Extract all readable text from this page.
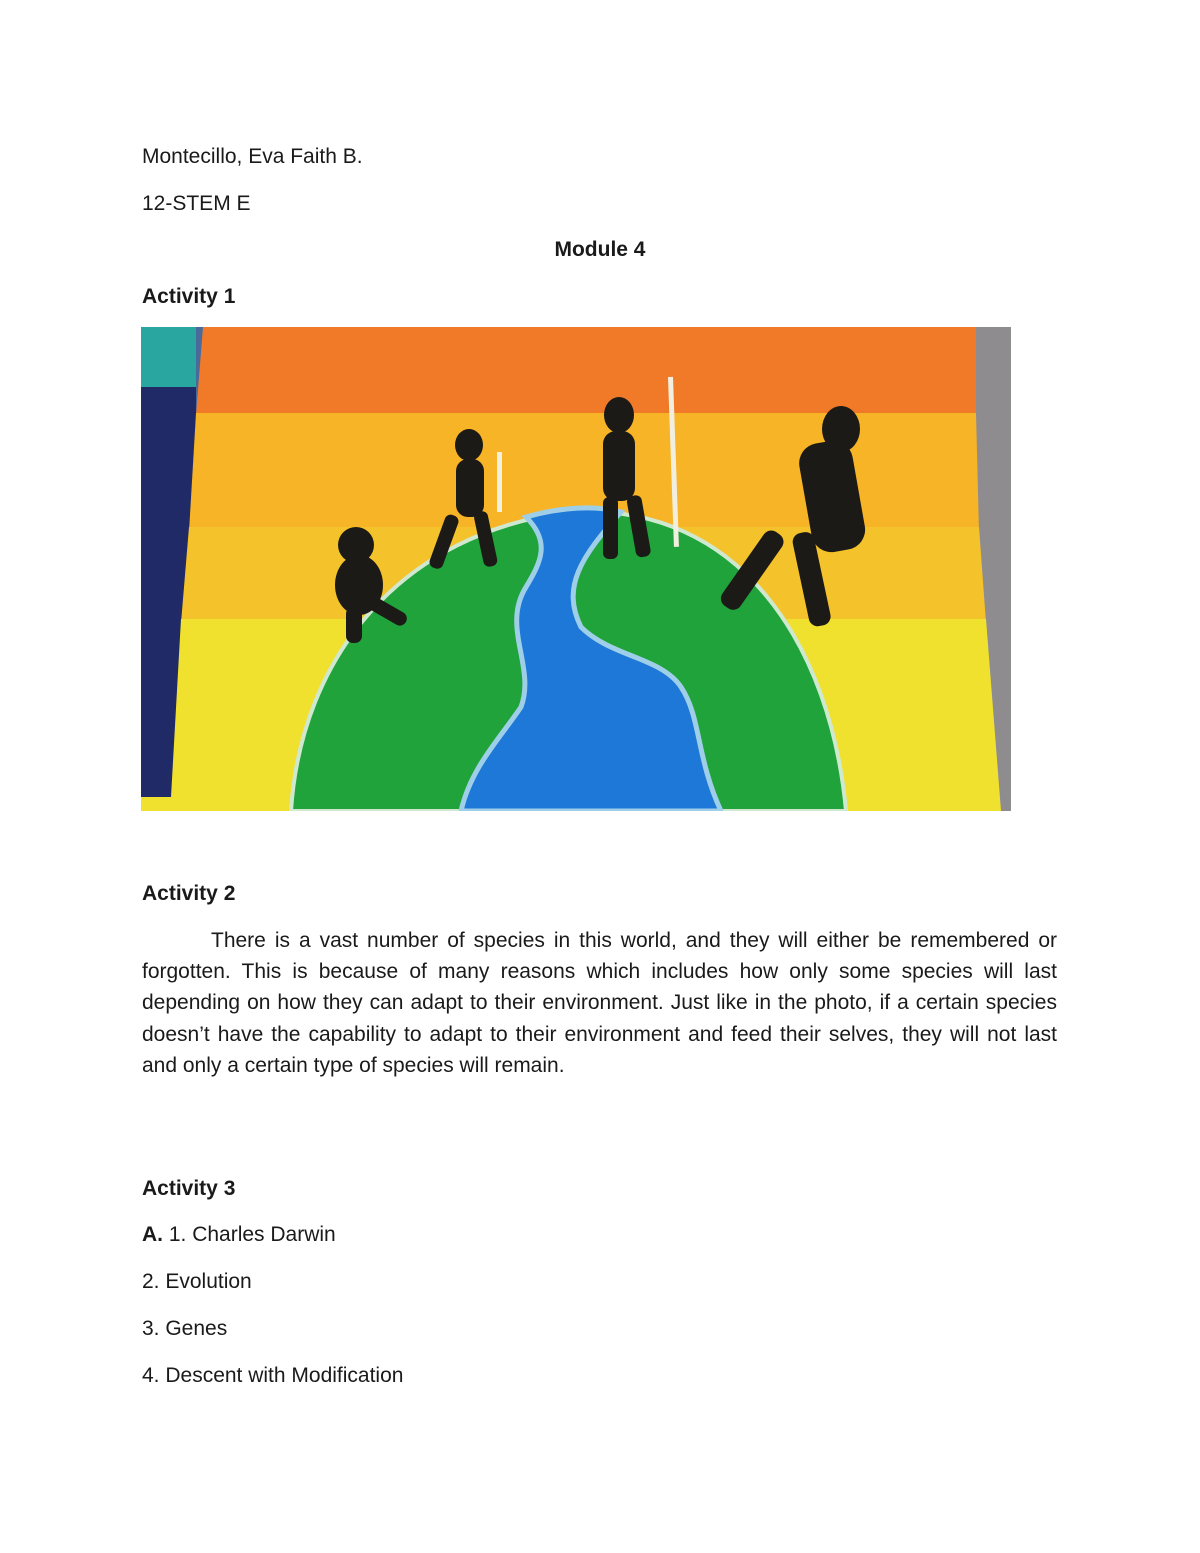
Montecillo, Eva Faith B.
12-STEM E
Module 4
Activity 1
Activity 2
There is a vast number of species in this world, and they will either be remembered or forgotten. This is because of many reasons which includes how only some species will last depending on how they can adapt to their environment. Just like in the photo, if a certain species doesn’t have the capability to adapt to their environment and feed their selves, they will not last and only a certain type of species will remain.
Activity 3
A. 1. Charles Darwin
2. Evolution
3. Genes
4. Descent with Modification
